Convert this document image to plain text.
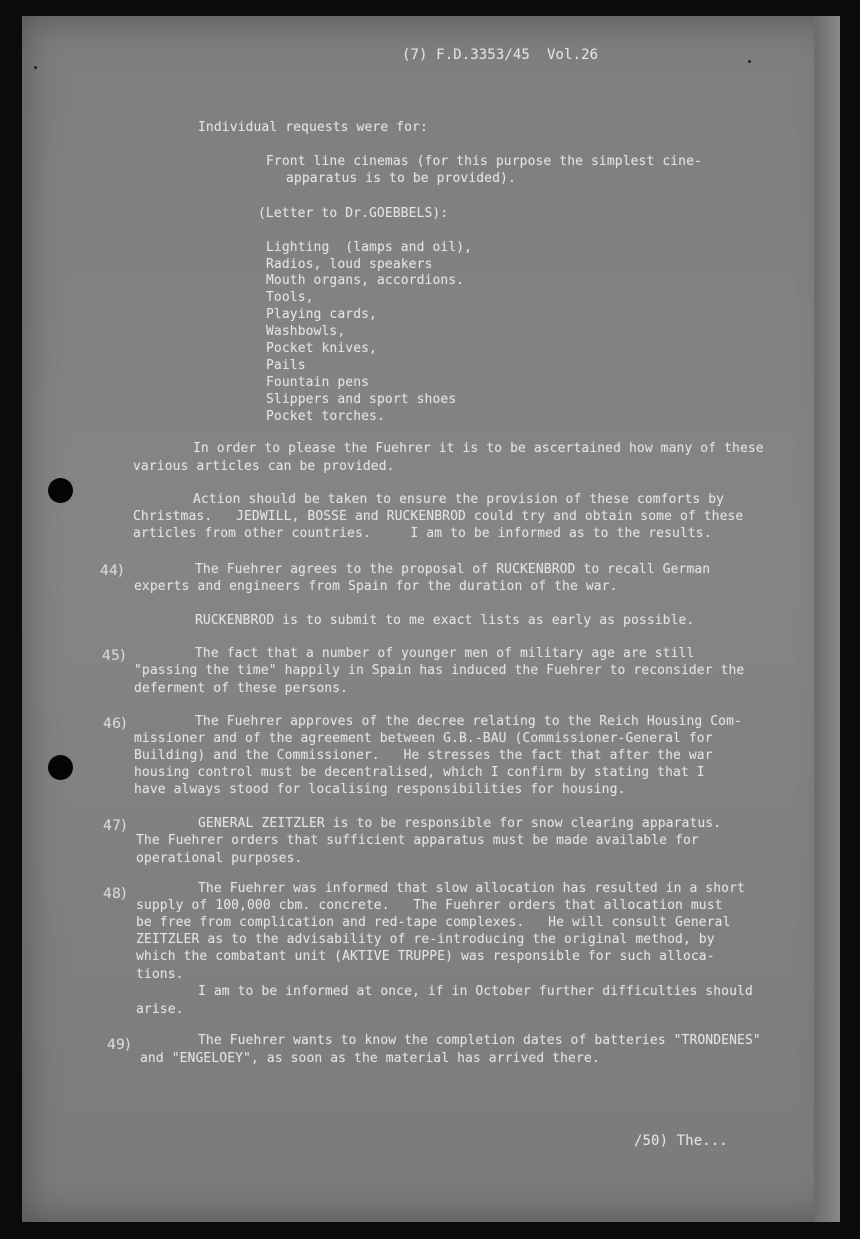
(7) F.D.3353/45  Vol.26
Individual requests were for:
Front line cinemas (for this purpose the simplest cine-
apparatus is to be provided).
(Letter to Dr.GOEBBELS):
Lighting  (lamps and oil),
Radios, loud speakers
Mouth organs, accordions.
Tools,
Playing cards,
Washbowls,
Pocket knives,
Pails
Fountain pens
Slippers and sport shoes
Pocket torches.
In order to please the Fuehrer it is to be ascertained how many of these
various articles can be provided.
Action should be taken to ensure the provision of these comforts by
Christmas.   JEDWILL, BOSSE and RUCKENBROD could try and obtain some of these
articles from other countries.     I am to be informed as to the results.
44)	The Fuehrer agrees to the proposal of RUCKENBROD to recall German
experts and engineers from Spain for the duration of the war.
RUCKENBROD is to submit to me exact lists as early as possible.
45)	The fact that a number of younger men of military age are still
"passing the time" happily in Spain has induced the Fuehrer to reconsider the
deferment of these persons.
46)	The Fuehrer approves of the decree relating to the Reich Housing Com-
missioner and of the agreement between G.B.-BAU (Commissioner-General for
Building) and the Commissioner.   He stresses the fact that after the war
housing control must be decentralised, which I confirm by stating that I
have always stood for localising responsibilities for housing.
47)	GENERAL ZEITZLER is to be responsible for snow clearing apparatus.
The Fuehrer orders that sufficient apparatus must be made available for
operational purposes.
48)	The Fuehrer was informed that slow allocation has resulted in a short
supply of 100,000 cbm. concrete.   The Fuehrer orders that allocation must
be free from complication and red-tape complexes.   He will consult General
ZEITZLER as to the advisability of re-introducing the original method, by
which the combatant unit (AKTIVE TRUPPE) was responsible for such alloca-
tions.
I am to be informed at once, if in October further difficulties should
arise.
49)	The Fuehrer wants to know the completion dates of batteries "TRONDENES"
and "ENGELOEY", as soon as the material has arrived there.
/50) The...
